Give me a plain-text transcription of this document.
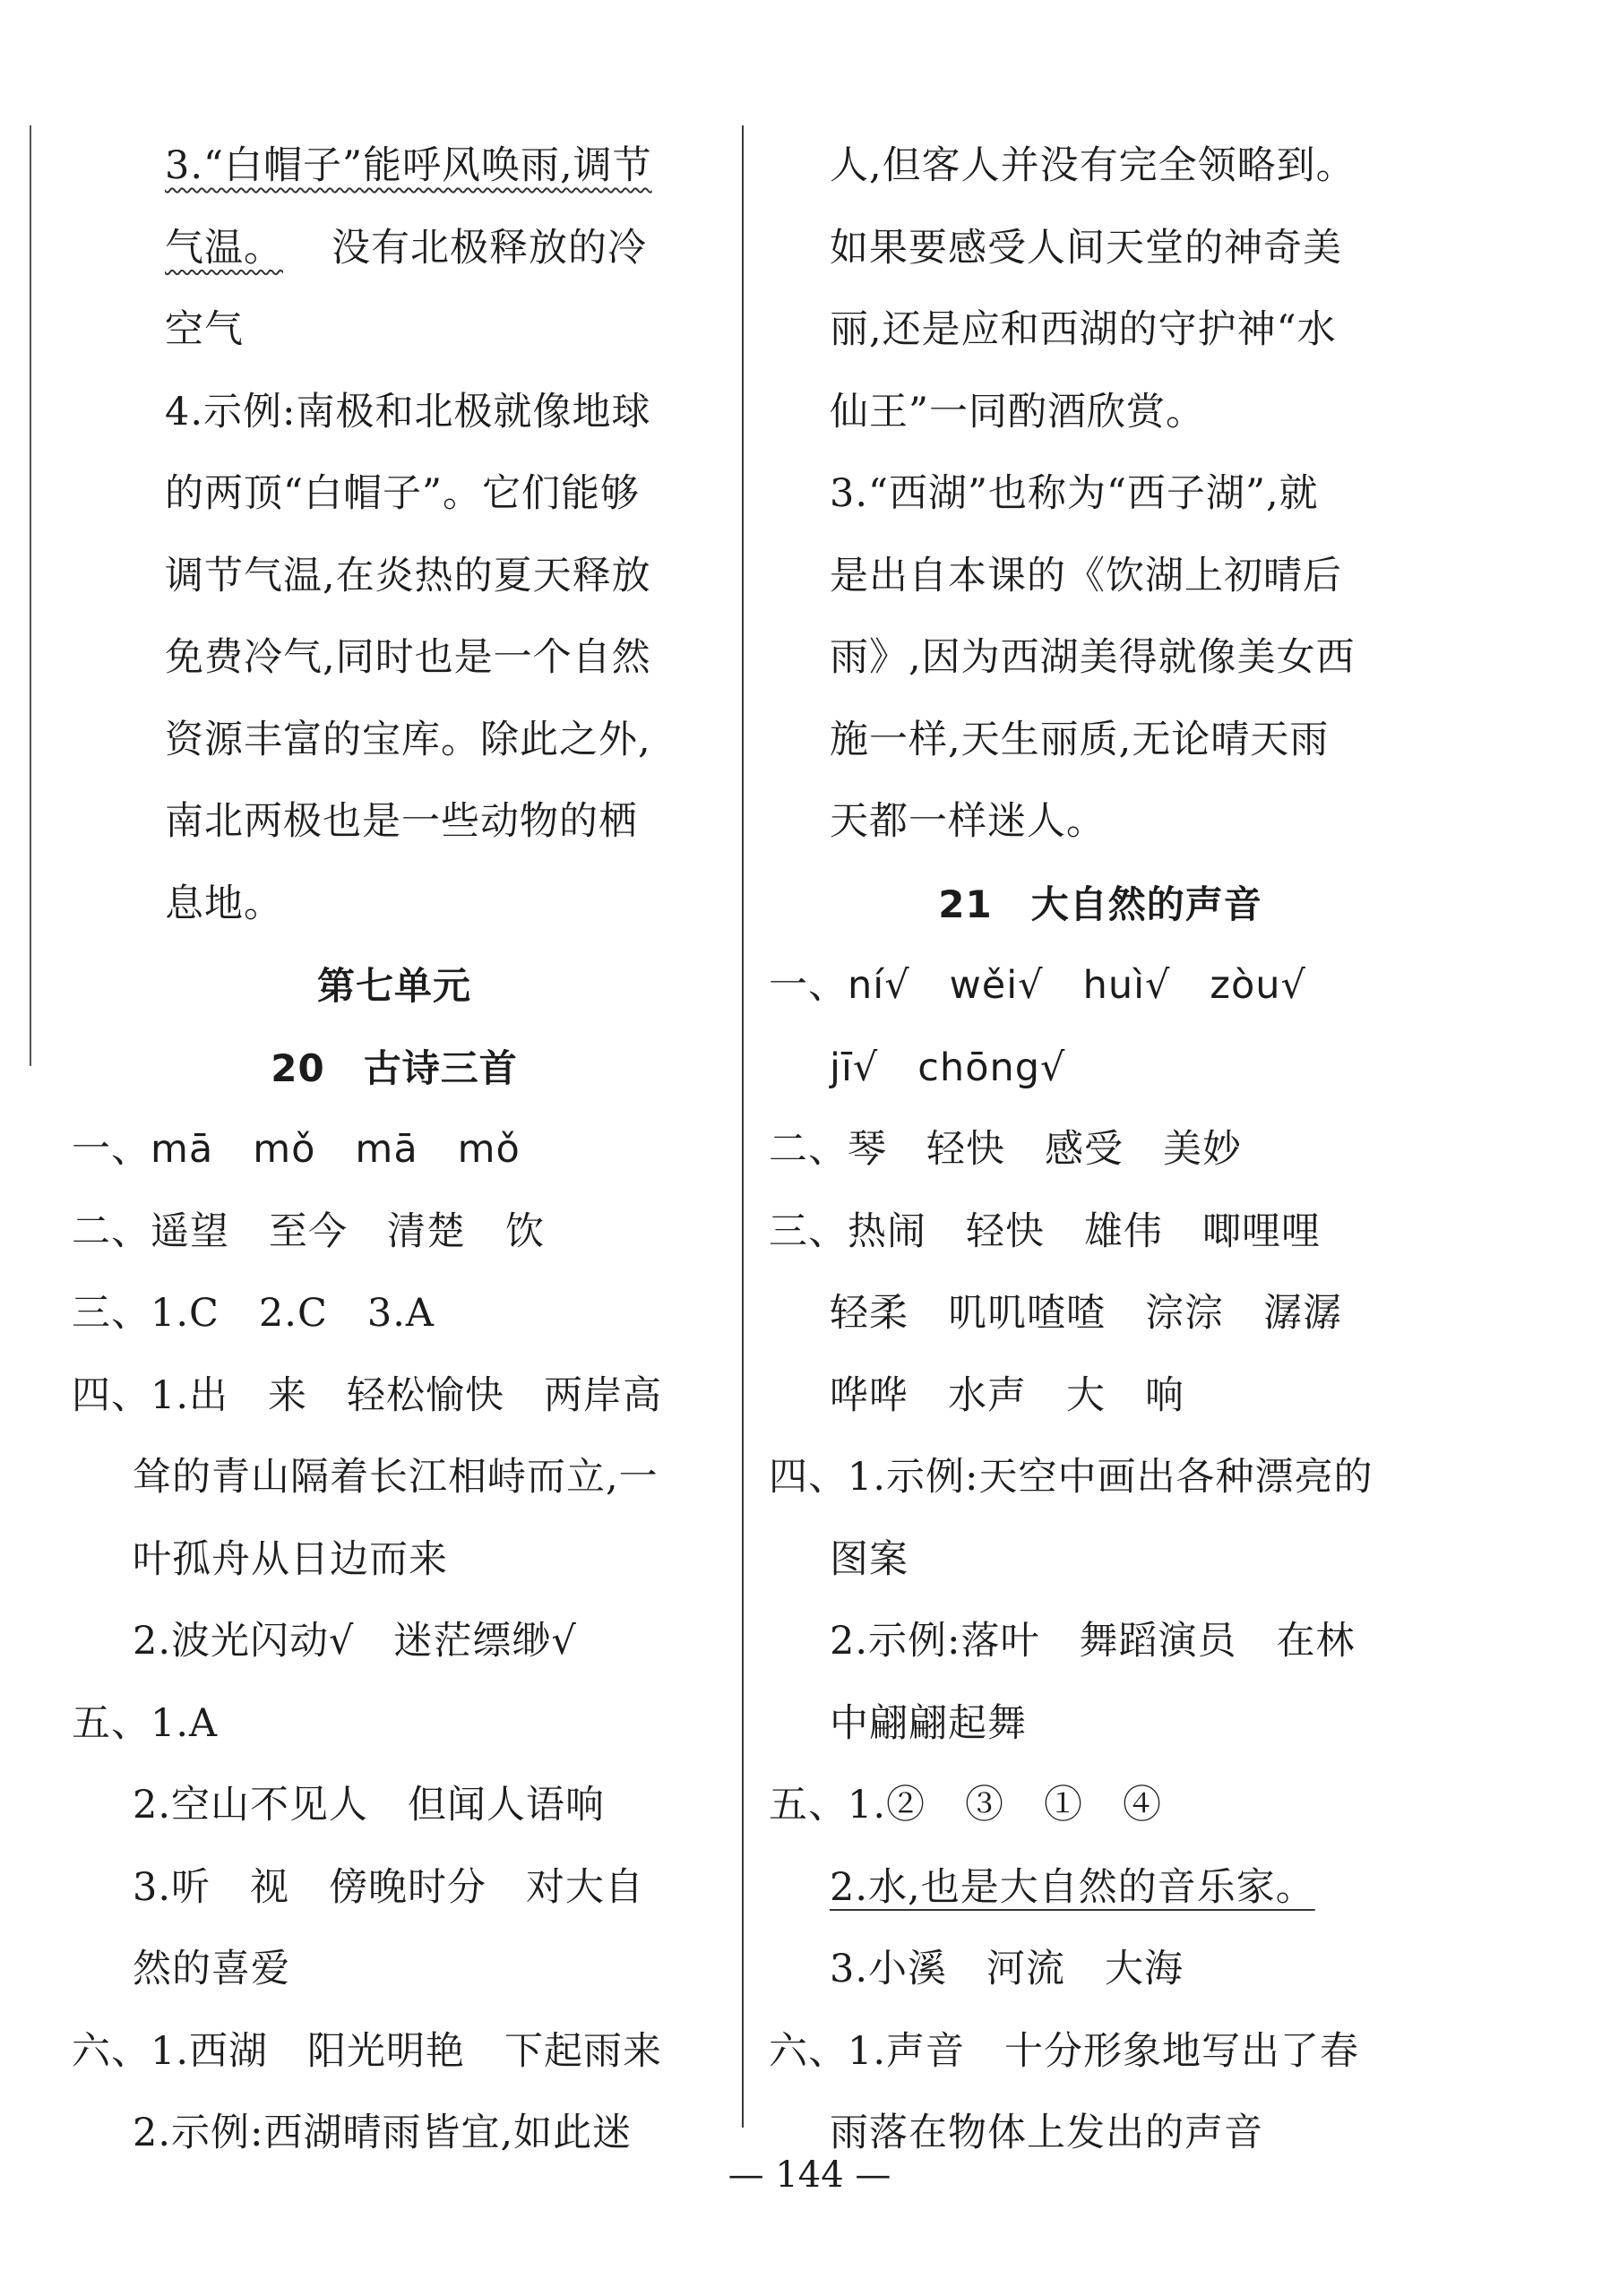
3.“白帽子”能呼风唤雨,调节
气温。 没有北极释放的冷
空气
4.示例:南极和北极就像地球
的两顶“白帽子”。它们能够
调节气温,在炎热的夏天释放
免费冷气,同时也是一个自然
资源丰富的宝库。除此之外,
南北两极也是一些动物的栖
息地。
第七单元
20　古诗三首
一、mā　mǒ　mā　mǒ
二、遥望　至今　清楚　饮
三、1.C　2.C　3.A
四、1.出　来　轻松愉快　两岸高
耸的青山隔着长江相峙而立,一
叶孤舟从日边而来
2.波光闪动√　迷茫缥缈√
五、1.A
2.空山不见人　但闻人语响
3.听　视　傍晚时分　对大自
然的喜爱
六、1.西湖　阳光明艳　下起雨来
2.示例:西湖晴雨皆宜,如此迷
人,但客人并没有完全领略到。
如果要感受人间天堂的神奇美
丽,还是应和西湖的守护神“水
仙王”一同酌酒欣赏。
3.“西湖”也称为“西子湖”,就
是出自本课的《饮湖上初晴后
雨》,因为西湖美得就像美女西
施一样,天生丽质,无论晴天雨
天都一样迷人。
21　大自然的声音
一、ní√　wěi√　huì√　zòu√
jī√　chōng√
二、琴　轻快　感受　美妙
三、热闹　轻快　雄伟　唧哩哩
轻柔　叽叽喳喳　淙淙　潺潺
哗哗　水声　大　响
四、1.示例:天空中画出各种漂亮的
图案
2.示例:落叶　舞蹈演员　在林
中翩翩起舞
五、1.②　③　①　④
2.水,也是大自然的音乐家。
3.小溪　河流　大海
六、1.声音　十分形象地写出了春
雨落在物体上发出的声音
— 144 —
